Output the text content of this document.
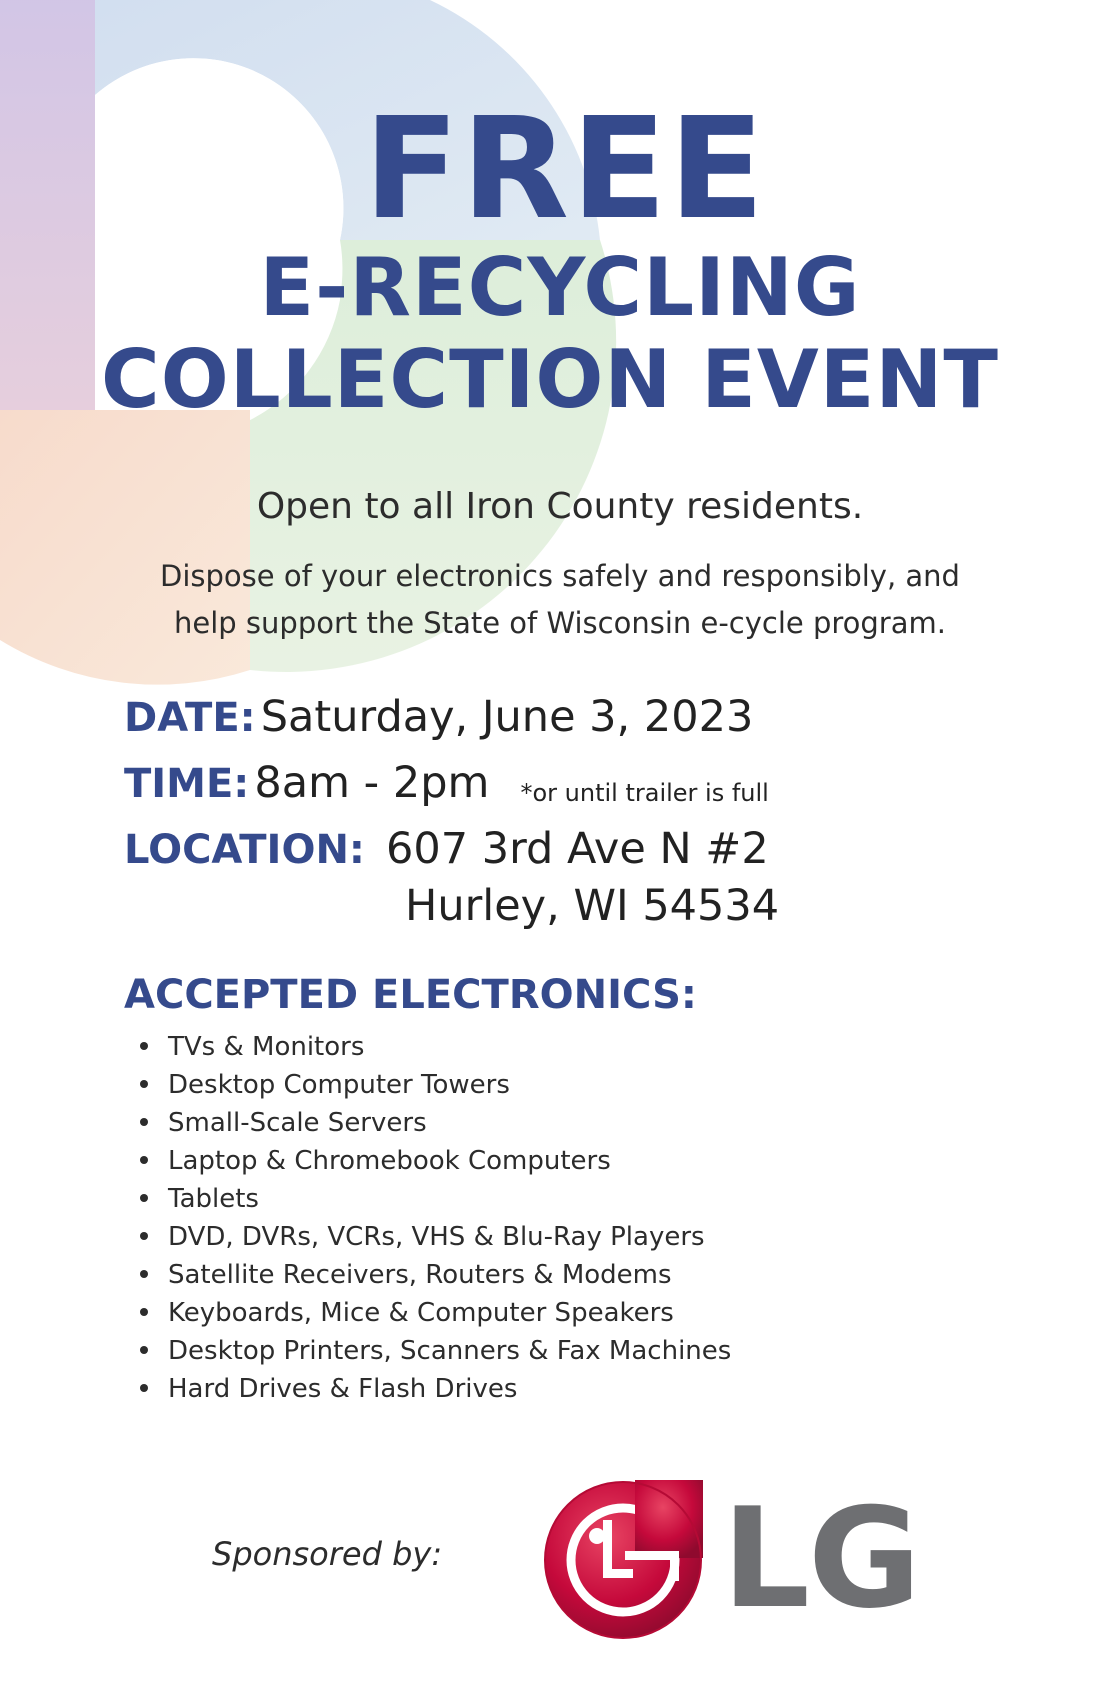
FREE
E-RECYCLING
COLLECTION EVENT

Open to all Iron County residents.

Dispose of your electronics safely and responsibly, and
help support the State of Wisconsin e-cycle program.

DATE: Saturday, June 3, 2023

TIME: 8am - 2pm *or until trailer is full

LOCATION: 607 3rd Ave N #2

Hurley, WI 54534

ACCEPTED ELECTRONICS:
TVs & Monitors
Desktop Computer Towers
Small-Scale Servers
Laptop & Chromebook Computers
Tablets
DVD, DVRs, VCRs, VHS & Blu-Ray Players
Satellite Receivers, Routers & Modems
Keyboards, Mice & Computer Speakers
Desktop Printers, Scanners & Fax Machines
Hard Drives & Flash Drives

Sponsored by: LG
